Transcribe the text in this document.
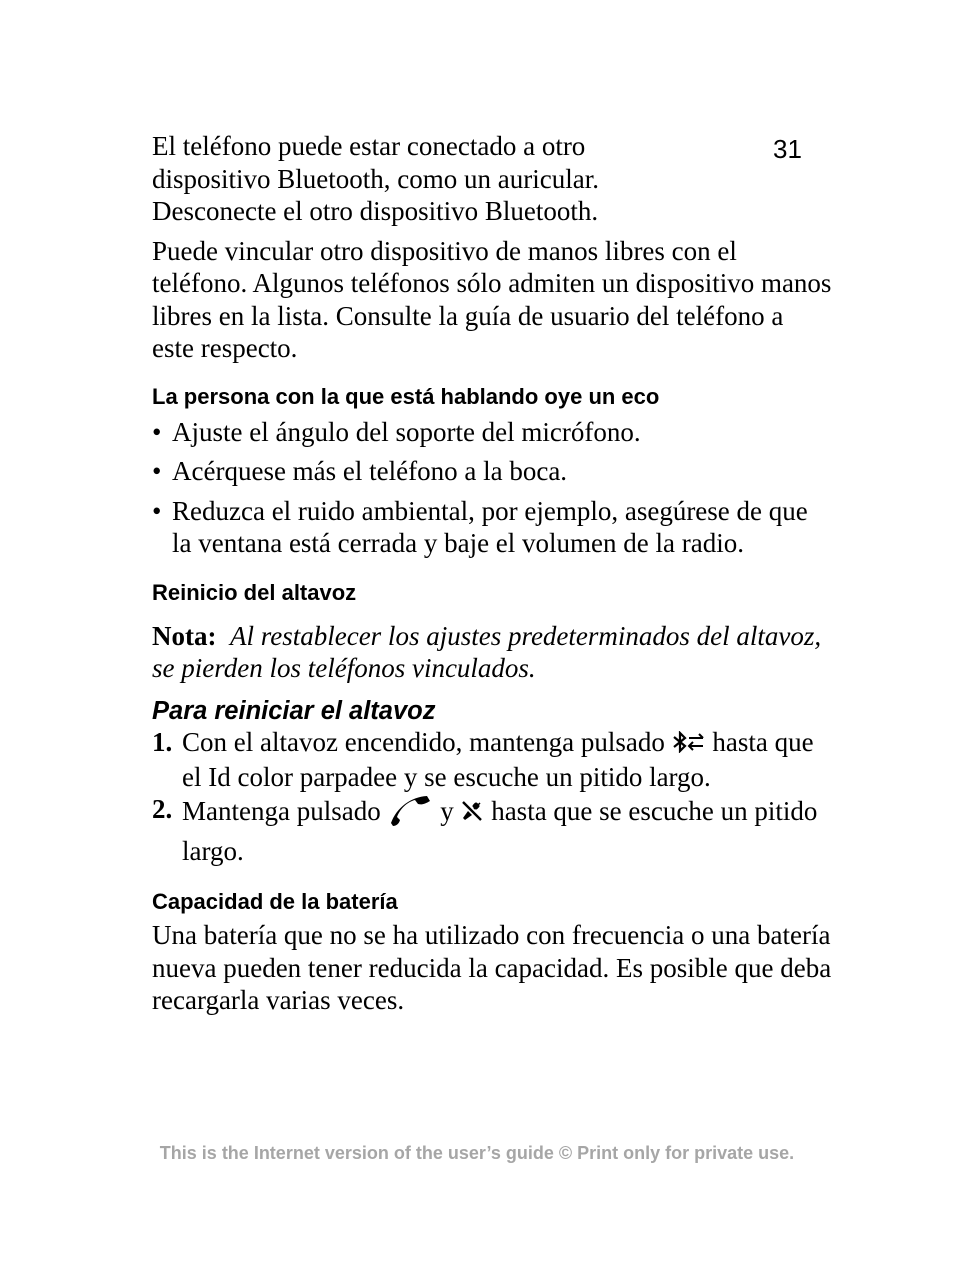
31

El teléfono puede estar conectado a otro dispositivo Bluetooth, como un auricular. Desconecte el otro dispositivo Bluetooth.

Puede vincular otro dispositivo de manos libres con el teléfono. Algunos teléfonos sólo admiten un dispositivo manos libres en la lista. Consulte la guía de usuario del teléfono a este respecto.

La persona con la que está hablando oye un eco
• Ajuste el ángulo del soporte del micrófono.
• Acérquese más el teléfono a la boca.
• Reduzca el ruido ambiental, por ejemplo, asegúrese de que la ventana está cerrada y baje el volumen de la radio.
Reinicio del altavoz

Nota: Al restablecer los ajustes predeterminados del altavoz, se pierden los teléfonos vinculados.

Para reiniciar el altavoz
1. Con el altavoz encendido, mantenga pulsado hasta que el Id color parpadee y se escuche un pitido largo.
2. Mantenga pulsado y hasta que se escuche un pitido largo.
Capacidad de la batería

Una batería que no se ha utilizado con frecuencia o una batería nueva pueden tener reducida la capacidad. Es posible que deba recargarla varias veces.

This is the Internet version of the user’s guide © Print only for private use.
